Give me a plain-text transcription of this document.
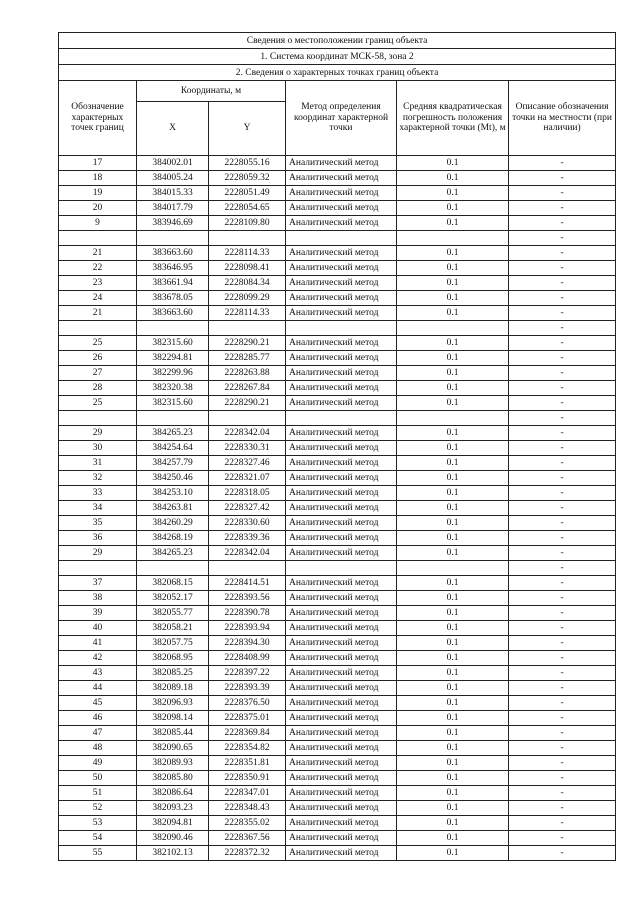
Сведения о местоположении границ объекта					
1. Система координат МСК-58, зона 2					
2. Сведения о характерных точках границ объекта					
Обозначение характерных точек границ	Координаты, м		Метод определения координат характерной точки	Средняя квадратическая погрешность положения характерной точки (Mt), м	Описание обозначения точки на местности (при наличии)
	X	Y			
17	384002.01	2228055.16	Аналитический метод	0.1	-
18	384005.24	2228059.32	Аналитический метод	0.1	-
19	384015.33	2228051.49	Аналитический метод	0.1	-
20	384017.79	2228054.65	Аналитический метод	0.1	-
9	383946.69	2228109.80	Аналитический метод	0.1	-
					-
21	383663.60	2228114.33	Аналитический метод	0.1	-
22	383646.95	2228098.41	Аналитический метод	0.1	-
23	383661.94	2228084.34	Аналитический метод	0.1	-
24	383678.05	2228099.29	Аналитический метод	0.1	-
21	383663.60	2228114.33	Аналитический метод	0.1	-
					-
25	382315.60	2228290.21	Аналитический метод	0.1	-
26	382294.81	2228285.77	Аналитический метод	0.1	-
27	382299.96	2228263.88	Аналитический метод	0.1	-
28	382320.38	2228267.84	Аналитический метод	0.1	-
25	382315.60	2228290.21	Аналитический метод	0.1	-
					-
29	384265.23	2228342.04	Аналитический метод	0.1	-
30	384254.64	2228330.31	Аналитический метод	0.1	-
31	384257.79	2228327.46	Аналитический метод	0.1	-
32	384250.46	2228321.07	Аналитический метод	0.1	-
33	384253.10	2228318.05	Аналитический метод	0.1	-
34	384263.81	2228327.42	Аналитический метод	0.1	-
35	384260.29	2228330.60	Аналитический метод	0.1	-
36	384268.19	2228339.36	Аналитический метод	0.1	-
29	384265.23	2228342.04	Аналитический метод	0.1	-
					-
37	382068.15	2228414.51	Аналитический метод	0.1	-
38	382052.17	2228393.56	Аналитический метод	0.1	-
39	382055.77	2228390.78	Аналитический метод	0.1	-
40	382058.21	2228393.94	Аналитический метод	0.1	-
41	382057.75	2228394.30	Аналитический метод	0.1	-
42	382068.95	2228408.99	Аналитический метод	0.1	-
43	382085.25	2228397.22	Аналитический метод	0.1	-
44	382089.18	2228393.39	Аналитический метод	0.1	-
45	382096.93	2228376.50	Аналитический метод	0.1	-
46	382098.14	2228375.01	Аналитический метод	0.1	-
47	382085.44	2228369.84	Аналитический метод	0.1	-
48	382090.65	2228354.82	Аналитический метод	0.1	-
49	382089.93	2228351.81	Аналитический метод	0.1	-
50	382085.80	2228350.91	Аналитический метод	0.1	-
51	382086.64	2228347.01	Аналитический метод	0.1	-
52	382093.23	2228348.43	Аналитический метод	0.1	-
53	382094.81	2228355.02	Аналитический метод	0.1	-
54	382090.46	2228367.56	Аналитический метод	0.1	-
55	382102.13	2228372.32	Аналитический метод	0.1	-
